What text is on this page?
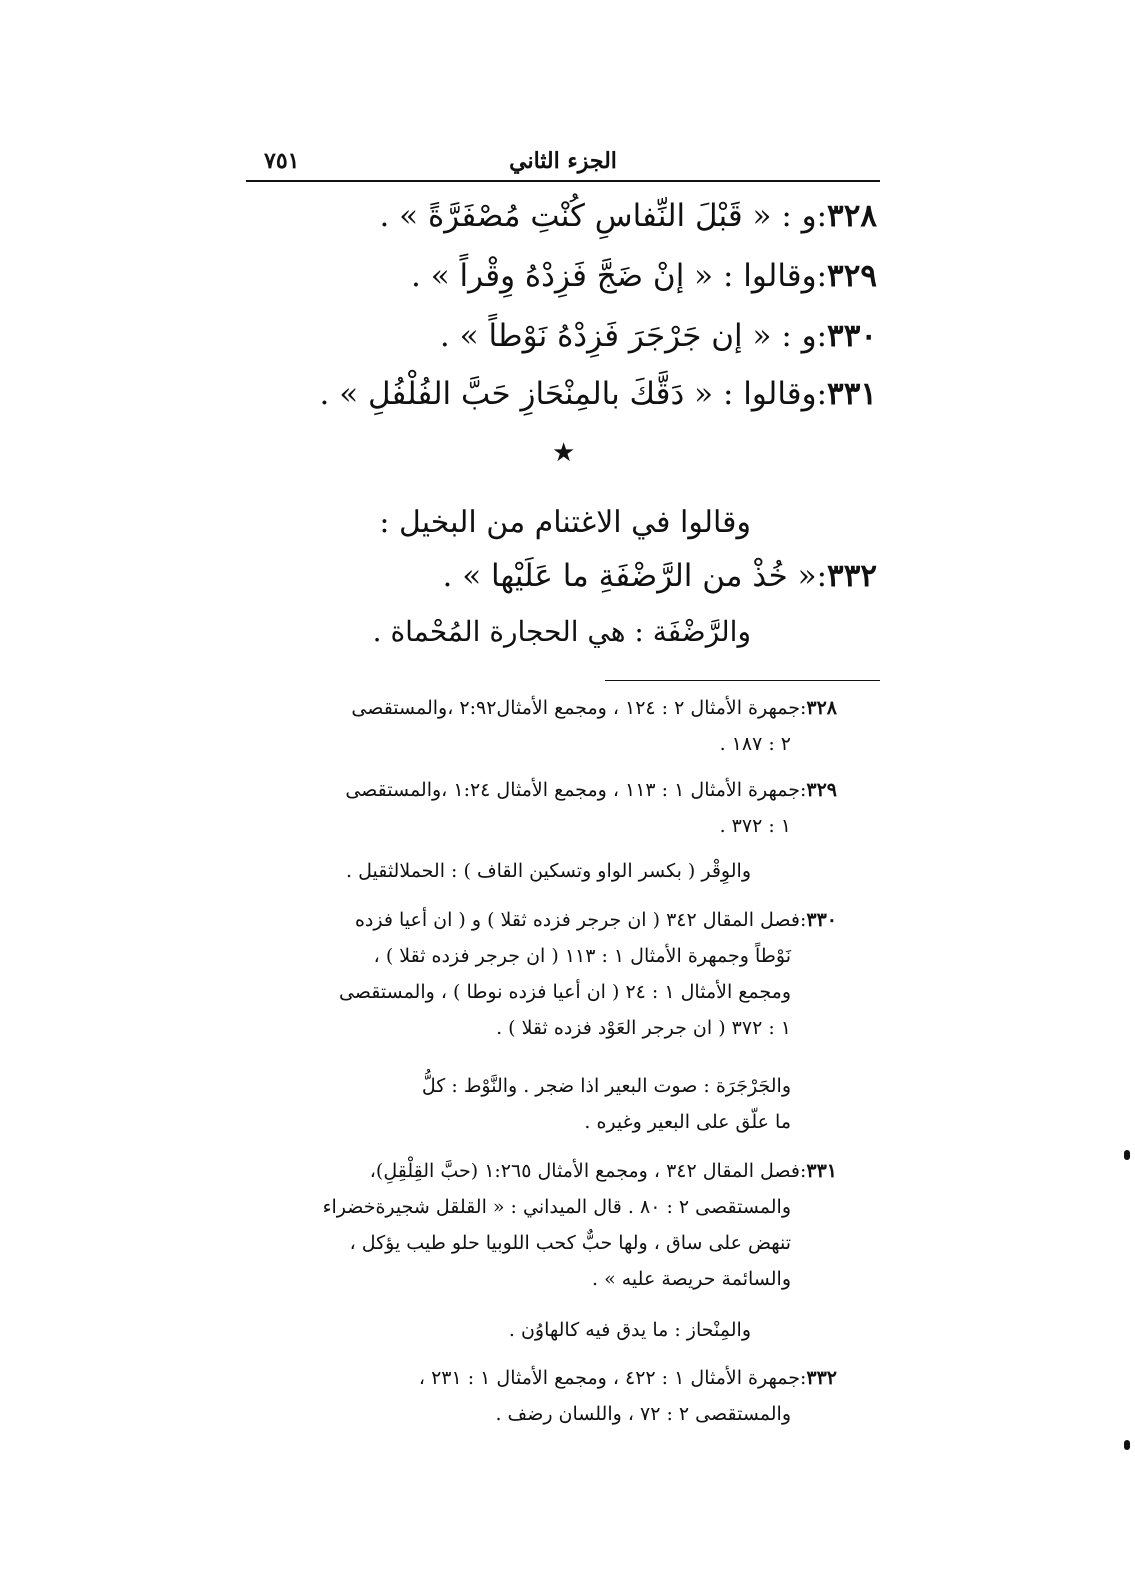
الجزء الثاني
٧٥١
٣٢٨:و : « قَبْلَ النِّفاسِ كُنْتِ مُصْفَرَّةً » .
٣٢٩:وقالوا : « إنْ ضَجَّ فَزِدْهُ وِقْراً » .
٣٣٠:و : « إن جَرْجَرَ فَزِدْهُ نَوْطاً » .
٣٣١:وقالوا : « دَقَّكَ بالمِنْحَازِ حَبَّ الفُلْفُلِ » .
★
وقالوا في الاغتنام من البخيل :
٣٣٢:« خُذْ من الرَّضْفَةِ ما عَلَيْها » .
والرَّضْفَة : هي الحجارة المُحْماة .
٣٢٨:جمهرة الأمثال ٢ : ١٢٤ ، ومجمع الأمثال٢:٩٢ ،والمستقصى
٢ : ١٨٧ .
٣٢٩:جمهرة الأمثال ١ : ١١٣ ، ومجمع الأمثال ١:٢٤ ،والمستقصى
١ : ٣٧٢ .
والوِقْر ( بكسر الواو وتسكين القاف ) : الحملالثقيل .
٣٣٠:فصل المقال ٣٤٢ ( ان جرجر فزده ثقلا ) و ( ان أعيا فزده
نَوْطاً وجمهرة الأمثال ١ : ١١٣ ( ان جرجر فزده ثقلا ) ،
ومجمع الأمثال ١ : ٢٤ ( ان أعيا فزده نوطا ) ، والمستقصى
١ : ٣٧٢ ( ان جرجر العَوْد فزده ثقلا ) .
والجَرْجَرَة : صوت البعير اذا ضجر . والنَّوْط : كلُّ
ما علّق على البعير وغيره .
٣٣١:فصل المقال ٣٤٢ ، ومجمع الأمثال ١:٢٦٥ (حبَّ القِلْقِلِ)،
والمستقصى ٢ : ٨٠ . قال الميداني : « القلقل شجيرةخضراء
تنهض على ساق ، ولها حبٌّ كحب اللوبيا حلو طيب يؤكل ،
والسائمة حريصة عليه » .
والمِنْحاز : ما يدق فيه كالهاوُن .
٣٣٢:جمهرة الأمثال ١ : ٤٢٢ ، ومجمع الأمثال ١ : ٢٣١ ،
والمستقصى ٢ : ٧٢ ، واللسان رضف .
